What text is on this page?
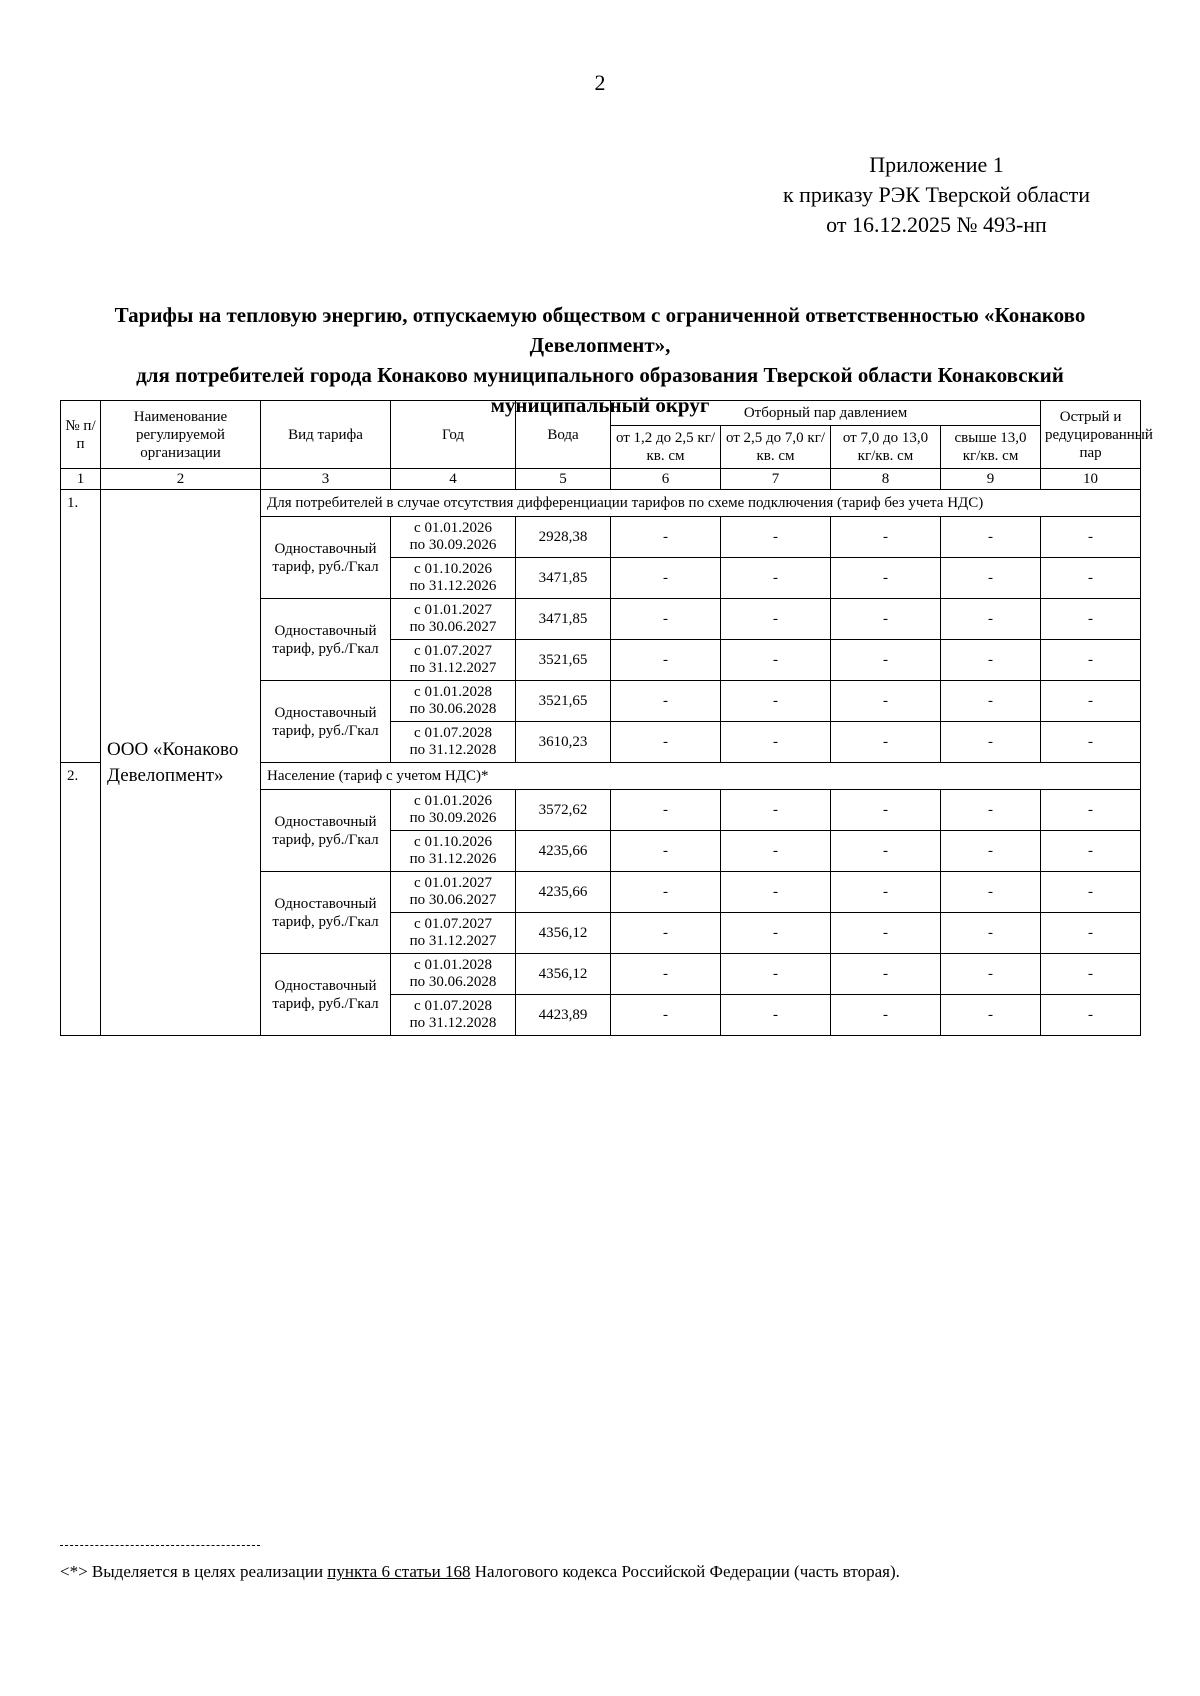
2
Приложение 1
к приказу РЭК Тверской области
от 16.12.2025 № 493-нп
Тарифы на тепловую энергию, отпускаемую обществом с ограниченной ответственностью «Конаково Девелопмент»,
для потребителей города Конаково муниципального образования Тверской области Конаковский муниципальный округ
№ п/ п	Наименование регулируемой организации	Вид тарифа	Год	Вода	Отборный пар давлением				Острый и редуцированный пар
					от 1,2 до 2,5 кг/кв. см	от 2,5 до 7,0 кг/кв. см	от 7,0 до 13,0 кг/кв. см	свыше 13,0 кг/кв. см	
1	2	3	4	5	6	7	8	9	10
1.	ООО «Конаково Девелопмент»	Для потребителей в случае отсутствия дифференциации тарифов по схеме подключения (тариф без учета НДС)							
		Одноставочный тариф, руб./Гкал	с 01.01.2026
по 30.09.2026	2928,38	-	-	-	-	-

			с 01.10.2026
по 31.12.2026	3471,85	-	-	-	-	-
		Одноставочный тариф, руб./Гкал	с 01.01.2027
по 30.06.2027	3471,85	-	-	-	-	-

			с 01.07.2027
по 31.12.2027	3521,65	-	-	-	-	-
		Одноставочный тариф, руб./Гкал	с 01.01.2028
по 30.06.2028	3521,65	-	-	-	-	-

			с 01.07.2028
по 31.12.2028	3610,23	-	-	-	-	-
2.		Население (тариф с учетом НДС)*							
		Одноставочный тариф, руб./Гкал	с 01.01.2026
по 30.09.2026	3572,62	-	-	-	-	-

			с 01.10.2026
по 31.12.2026	4235,66	-	-	-	-	-
		Одноставочный тариф, руб./Гкал	с 01.01.2027
по 30.06.2027	4235,66	-	-	-	-	-

			с 01.07.2027
по 31.12.2027	4356,12	-	-	-	-	-
		Одноставочный тариф, руб./Гкал	с 01.01.2028
по 30.06.2028	4356,12	-	-	-	-	-

			с 01.07.2028
по 31.12.2028	4423,89	-	-	-	-	-
<*> Выделяется в целях реализации пункта 6 статьи 168 Налогового кодекса Российской Федерации (часть вторая).
